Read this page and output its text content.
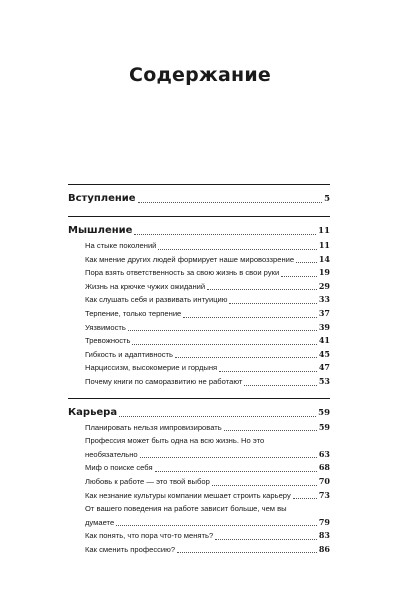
Содержание
Вступление	5
Мышление	11
На стыке поколений	11
Как мнение других людей формирует наше мировоззрение	14
Пора взять ответственность за свою жизнь в свои руки	19
Жизнь на крючке чужих ожиданий	29
Как слушать себя и развивать интуицию	33
Терпение, только терпение	37
Уязвимость	39
Тревожность	41
Гибкость и адаптивность	45
Нарциссизм, высокомерие и гордыня	47
Почему книги по саморазвитию не работают	53
Карьера	59
Планировать нельзя импровизировать	59
Профессия может быть одна на всю жизнь. Но это
необязательно	63
Миф о поиске себя	68
Любовь к работе — это твой выбор	70
Как незнание культуры компании мешает строить карьеру	73
От вашего поведения на работе зависит больше, чем вы
думаете	79
Как понять, что пора что-то менять?	83
Как сменить профессию?	86
